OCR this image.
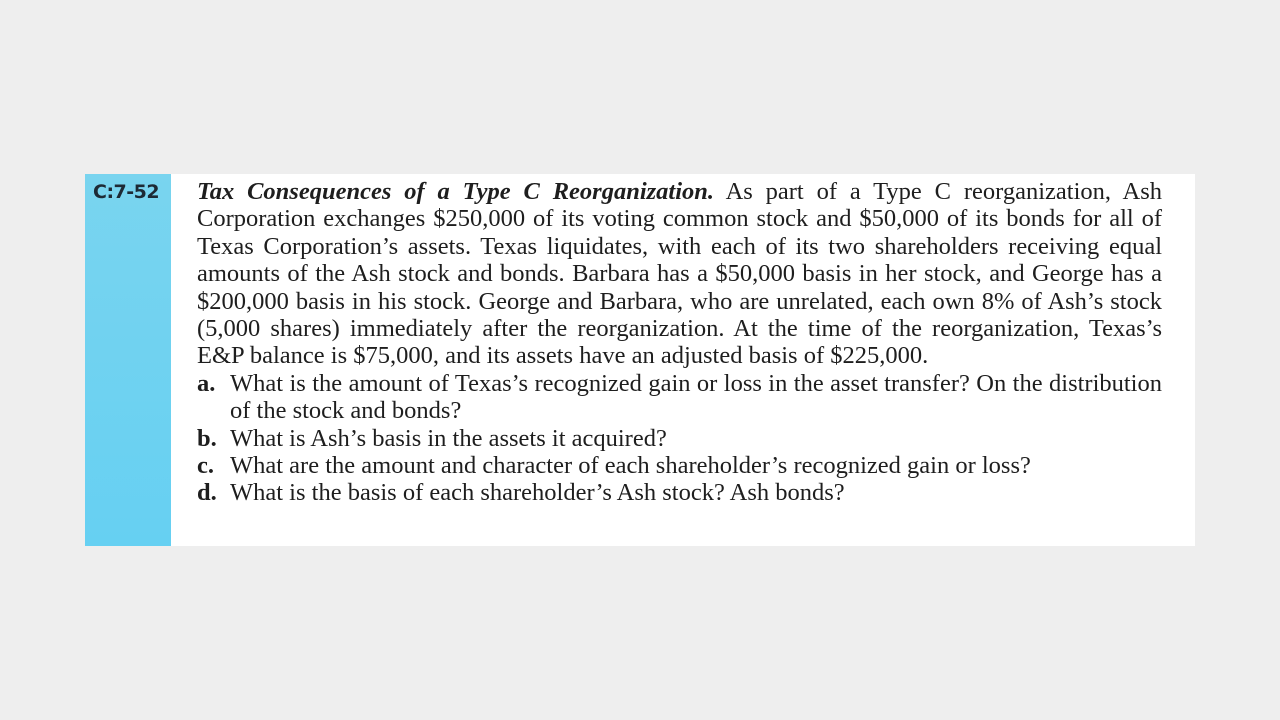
C:7-52 Tax Consequences of a Type C Reorganization. As part of a Type C reorganization, Ash Corporation exchanges $250,000 of its voting common stock and $50,000 of its bonds for all of Texas Corporation’s assets. Texas liquidates, with each of its two shareholders receiving equal amounts of the Ash stock and bonds. Barbara has a $50,000 basis in her stock, and George has a $200,000 basis in his stock. George and Barbara, who are unrelated, each own 8% of Ash’s stock (5,000 shares) immediately after the reorganization. At the time of the reorganization, Texas’s E&P balance is $75,000, and its assets have an adjusted basis of $225,000.

a. What is the amount of Texas’s recognized gain or loss in the asset transfer? On the distribution of the stock and bonds?
b. What is Ash’s basis in the assets it acquired?
c. What are the amount and character of each shareholder’s recognized gain or loss?
d. What is the basis of each shareholder’s Ash stock? Ash bonds?
